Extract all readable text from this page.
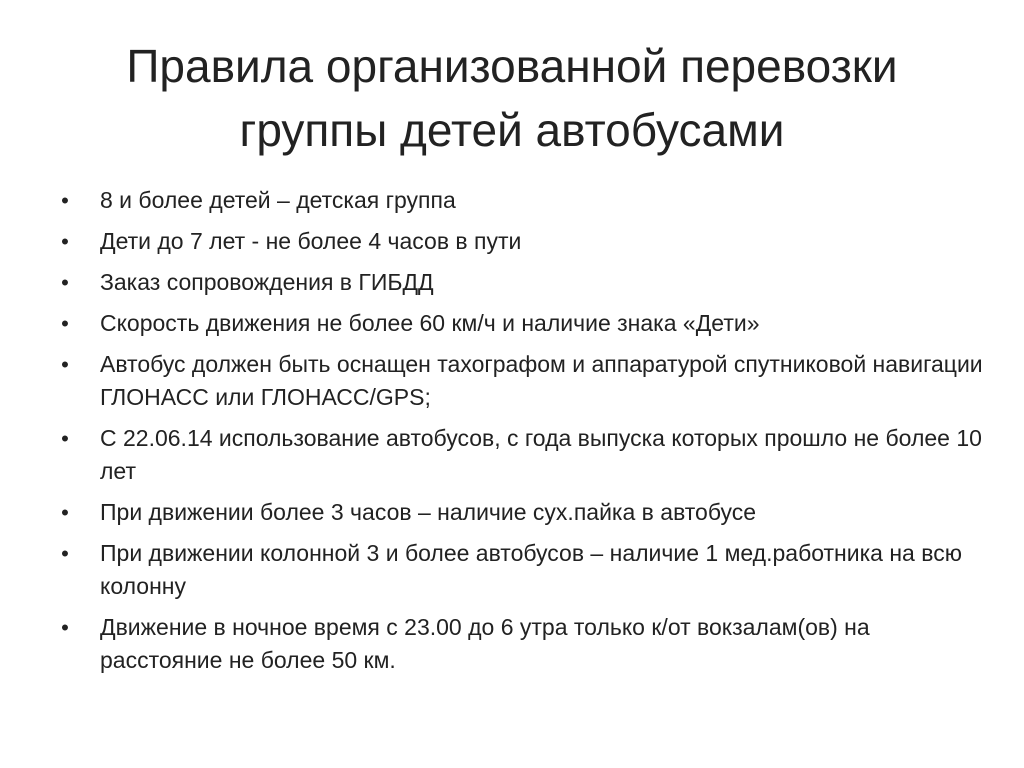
Правила организованной перевозки
группы детей автобусами
• 8 и более детей – детская группа
• Дети до 7 лет - не более 4 часов в пути
• Заказ сопровождения в ГИБДД
• Скорость движения не более 60 км/ч и наличие знака «Дети»
• Автобус должен быть оснащен тахографом и аппаратурой спутниковой навигации ГЛОНАСС или ГЛОНАСС/GPS;
• С 22.06.14 использование автобусов, с года выпуска которых прошло не более 10 лет
• При движении более 3 часов – наличие сух.пайка в автобусе
• При движении колонной 3 и более автобусов – наличие 1 мед.работника на всю колонну
• Движение в ночное время с 23.00 до 6 утра только к/от вокзалам(ов) на расстояние не более 50 км.
